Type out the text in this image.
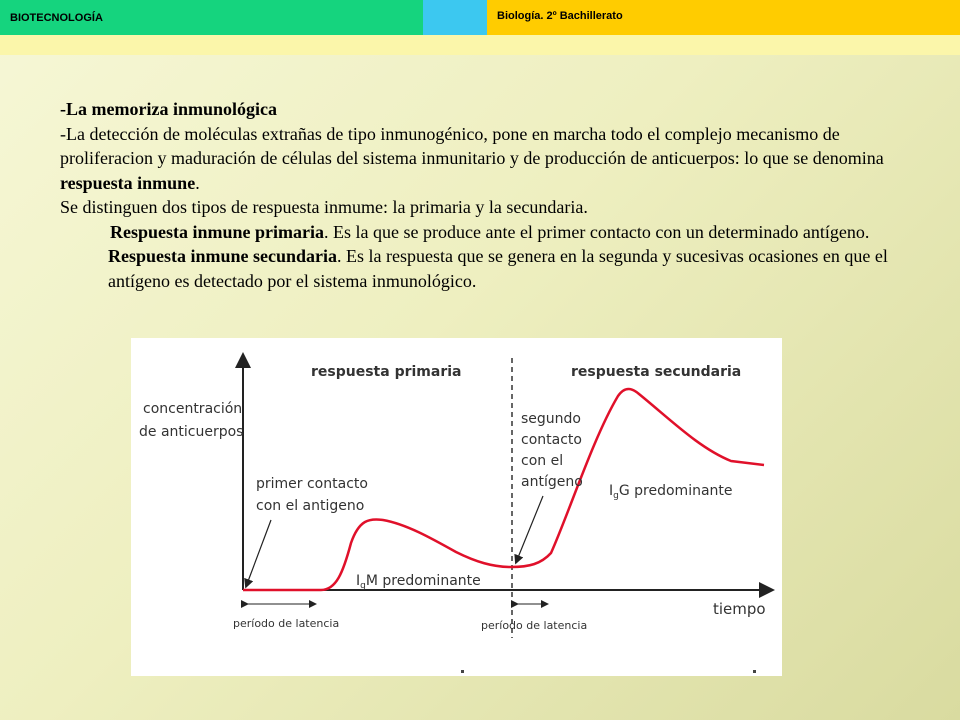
BIOTECNOLOGÍA	Biología. 2º Bachillerato

-La memoriza inmunológica

-La detección de moléculas extrañas de tipo inmunogénico, pone en marcha todo el complejo mecanismo de proliferacion y maduración de células del sistema inmunitario y de producción de anticuerpos: lo que se denomina respuesta inmune.

Se distinguen dos tipos de respuesta inmume: la primaria y la secundaria.

Respuesta inmune primaria. Es la que se produce ante el primer contacto con un determinado antígeno.

Respuesta inmune secundaria. Es la respuesta que se genera en la segunda y sucesivas ocasiones en que el antígeno es detectado por el sistema inmunológico.

respuesta primaria	respuesta secundaria
concentración
de anticuerpos
tiempo
primer contacto
con el antigeno
segundo
contacto
con el
antígeno
$I_gM$ predominante
$I_gG$ predominante
período de latencia	período de latencia
